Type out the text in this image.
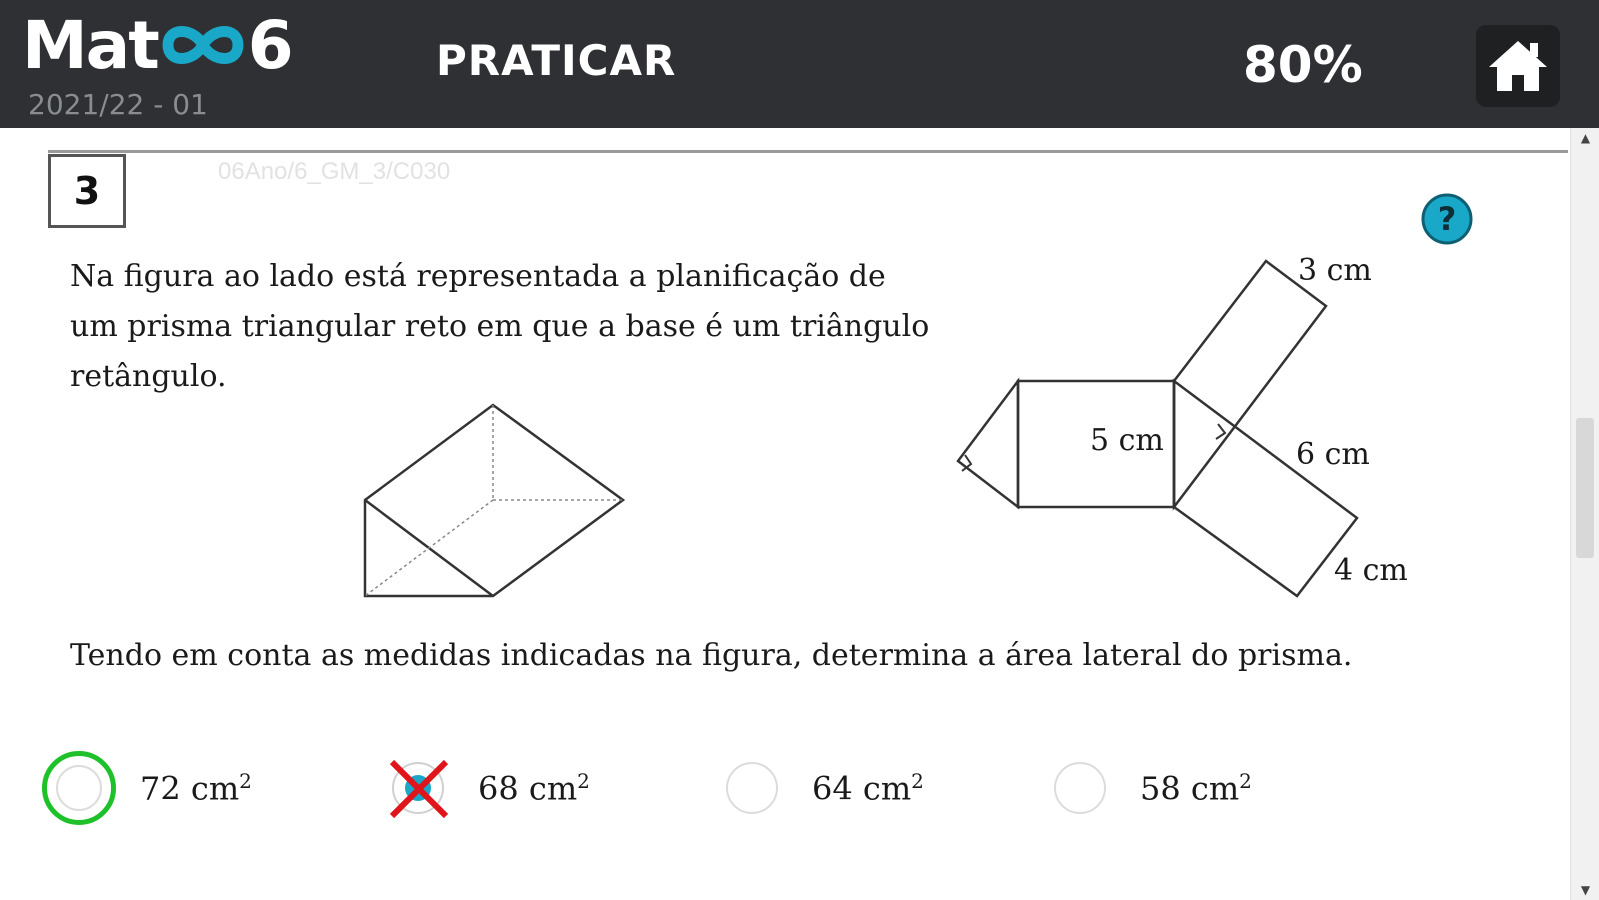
Mat 6
2021/22 - 01
PRATICAR	80%
3	06Ano/6_GM_3/C030
?
Na figura ao lado está representada a planificação de um prisma triangular reto em que a base é um triângulo retângulo.
3 cm
5 cm	6 cm
4 cm
Tendo em conta as medidas indicadas na figura, determina a área lateral do prisma.
72 $cm^2$	68 $cm^2$	64 $cm^2$	58 $cm^2$
▲
▼
